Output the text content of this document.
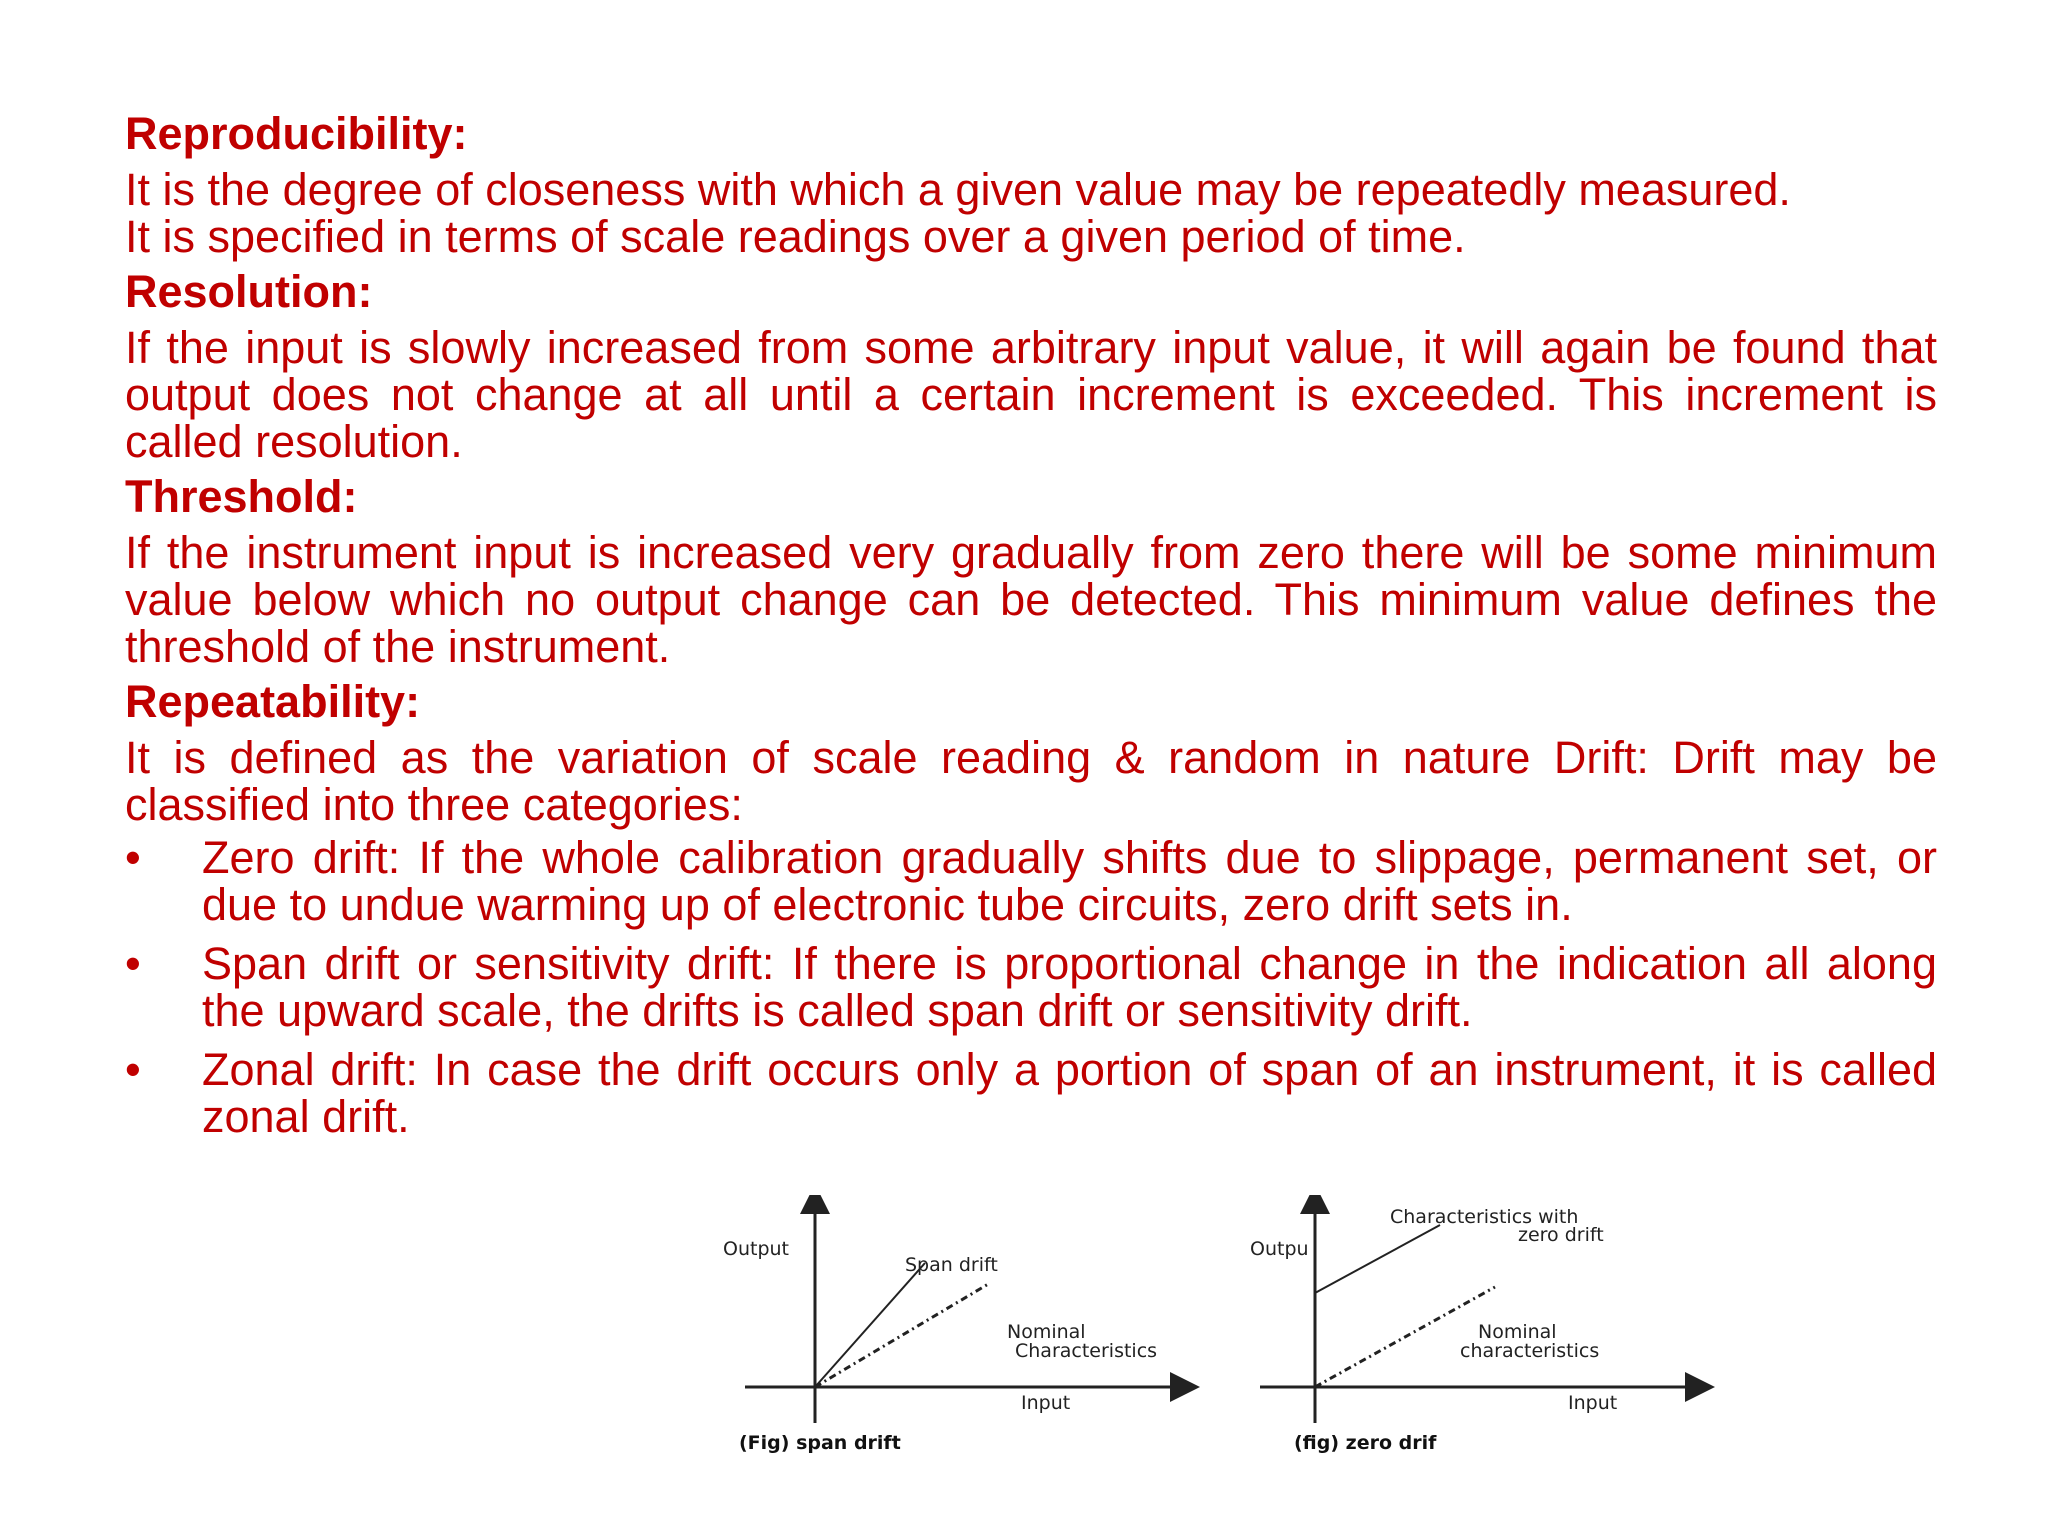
Reproducibility:
It is the degree of closeness with which a given value may be repeatedly measured.
It is specified in terms of scale readings over a given period of time.
Resolution:
If the input is slowly increased from some arbitrary input value, it will again be found that output does not change at all until a certain increment is exceeded. This increment is called resolution.
Threshold:
If the instrument input is increased very gradually from zero there will be some minimum value below which no output change can be detected. This minimum value defines the threshold of the instrument.
Repeatability:
It is defined as the variation of scale reading & random in nature Drift: Drift may be classified into three categories:
• Zero drift: If the whole calibration gradually shifts due to slippage, permanent set, or due to undue warming up of electronic tube circuits, zero drift sets in.
• Span drift or sensitivity drift: If there is proportional change in the indication all along the upward scale, the drifts is called span drift or sensitivity drift.
• Zonal drift: In case the drift occurs only a portion of span of an instrument, it is called zonal drift.
Output
Span drift
Nominal
Characteristics
Input
(Fig) span drift
Outpu
Characteristics with
zero drift
Nominal
characteristics
Input
(fig) zero drif
